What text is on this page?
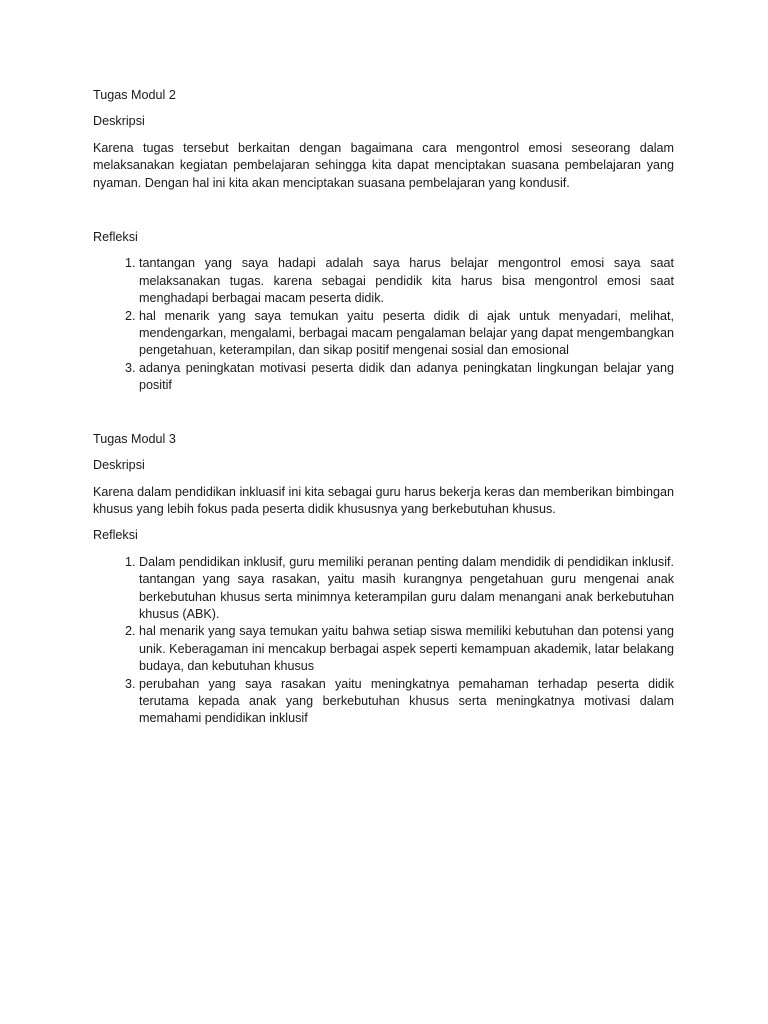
Tugas Modul 2
Deskripsi
Karena tugas tersebut berkaitan dengan bagaimana cara mengontrol emosi seseorang dalam melaksanakan kegiatan pembelajaran sehingga kita dapat menciptakan suasana pembelajaran yang nyaman. Dengan hal ini kita akan menciptakan suasana pembelajaran yang kondusif.
Refleksi
1. tantangan yang saya hadapi adalah saya harus belajar mengontrol emosi saya saat melaksanakan tugas. karena sebagai pendidik kita harus bisa mengontrol emosi saat menghadapi berbagai macam peserta didik.
2. hal menarik yang saya temukan yaitu peserta didik di ajak untuk menyadari, melihat, mendengarkan, mengalami, berbagai macam pengalaman belajar yang dapat mengembangkan pengetahuan, keterampilan, dan sikap positif mengenai sosial dan emosional
3. adanya peningkatan motivasi peserta didik dan adanya peningkatan lingkungan belajar yang positif
Tugas Modul 3
Deskripsi
Karena dalam pendidikan inkluasif ini kita sebagai guru harus bekerja keras dan memberikan bimbingan khusus yang lebih fokus pada peserta didik khususnya yang berkebutuhan khusus.
Refleksi
1. Dalam pendidikan inklusif, guru memiliki peranan penting dalam mendidik di pendidikan inklusif. tantangan yang saya rasakan, yaitu masih kurangnya pengetahuan guru mengenai anak berkebutuhan khusus serta minimnya keterampilan guru dalam menangani anak berkebutuhan khusus (ABK).
2. hal menarik yang saya temukan yaitu bahwa setiap siswa memiliki kebutuhan dan potensi yang unik. Keberagaman ini mencakup berbagai aspek seperti kemampuan akademik, latar belakang budaya, dan kebutuhan khusus
3. perubahan yang saya rasakan yaitu meningkatnya pemahaman terhadap peserta didik terutama kepada anak yang berkebutuhan khusus serta meningkatnya motivasi dalam memahami pendidikan inklusif
